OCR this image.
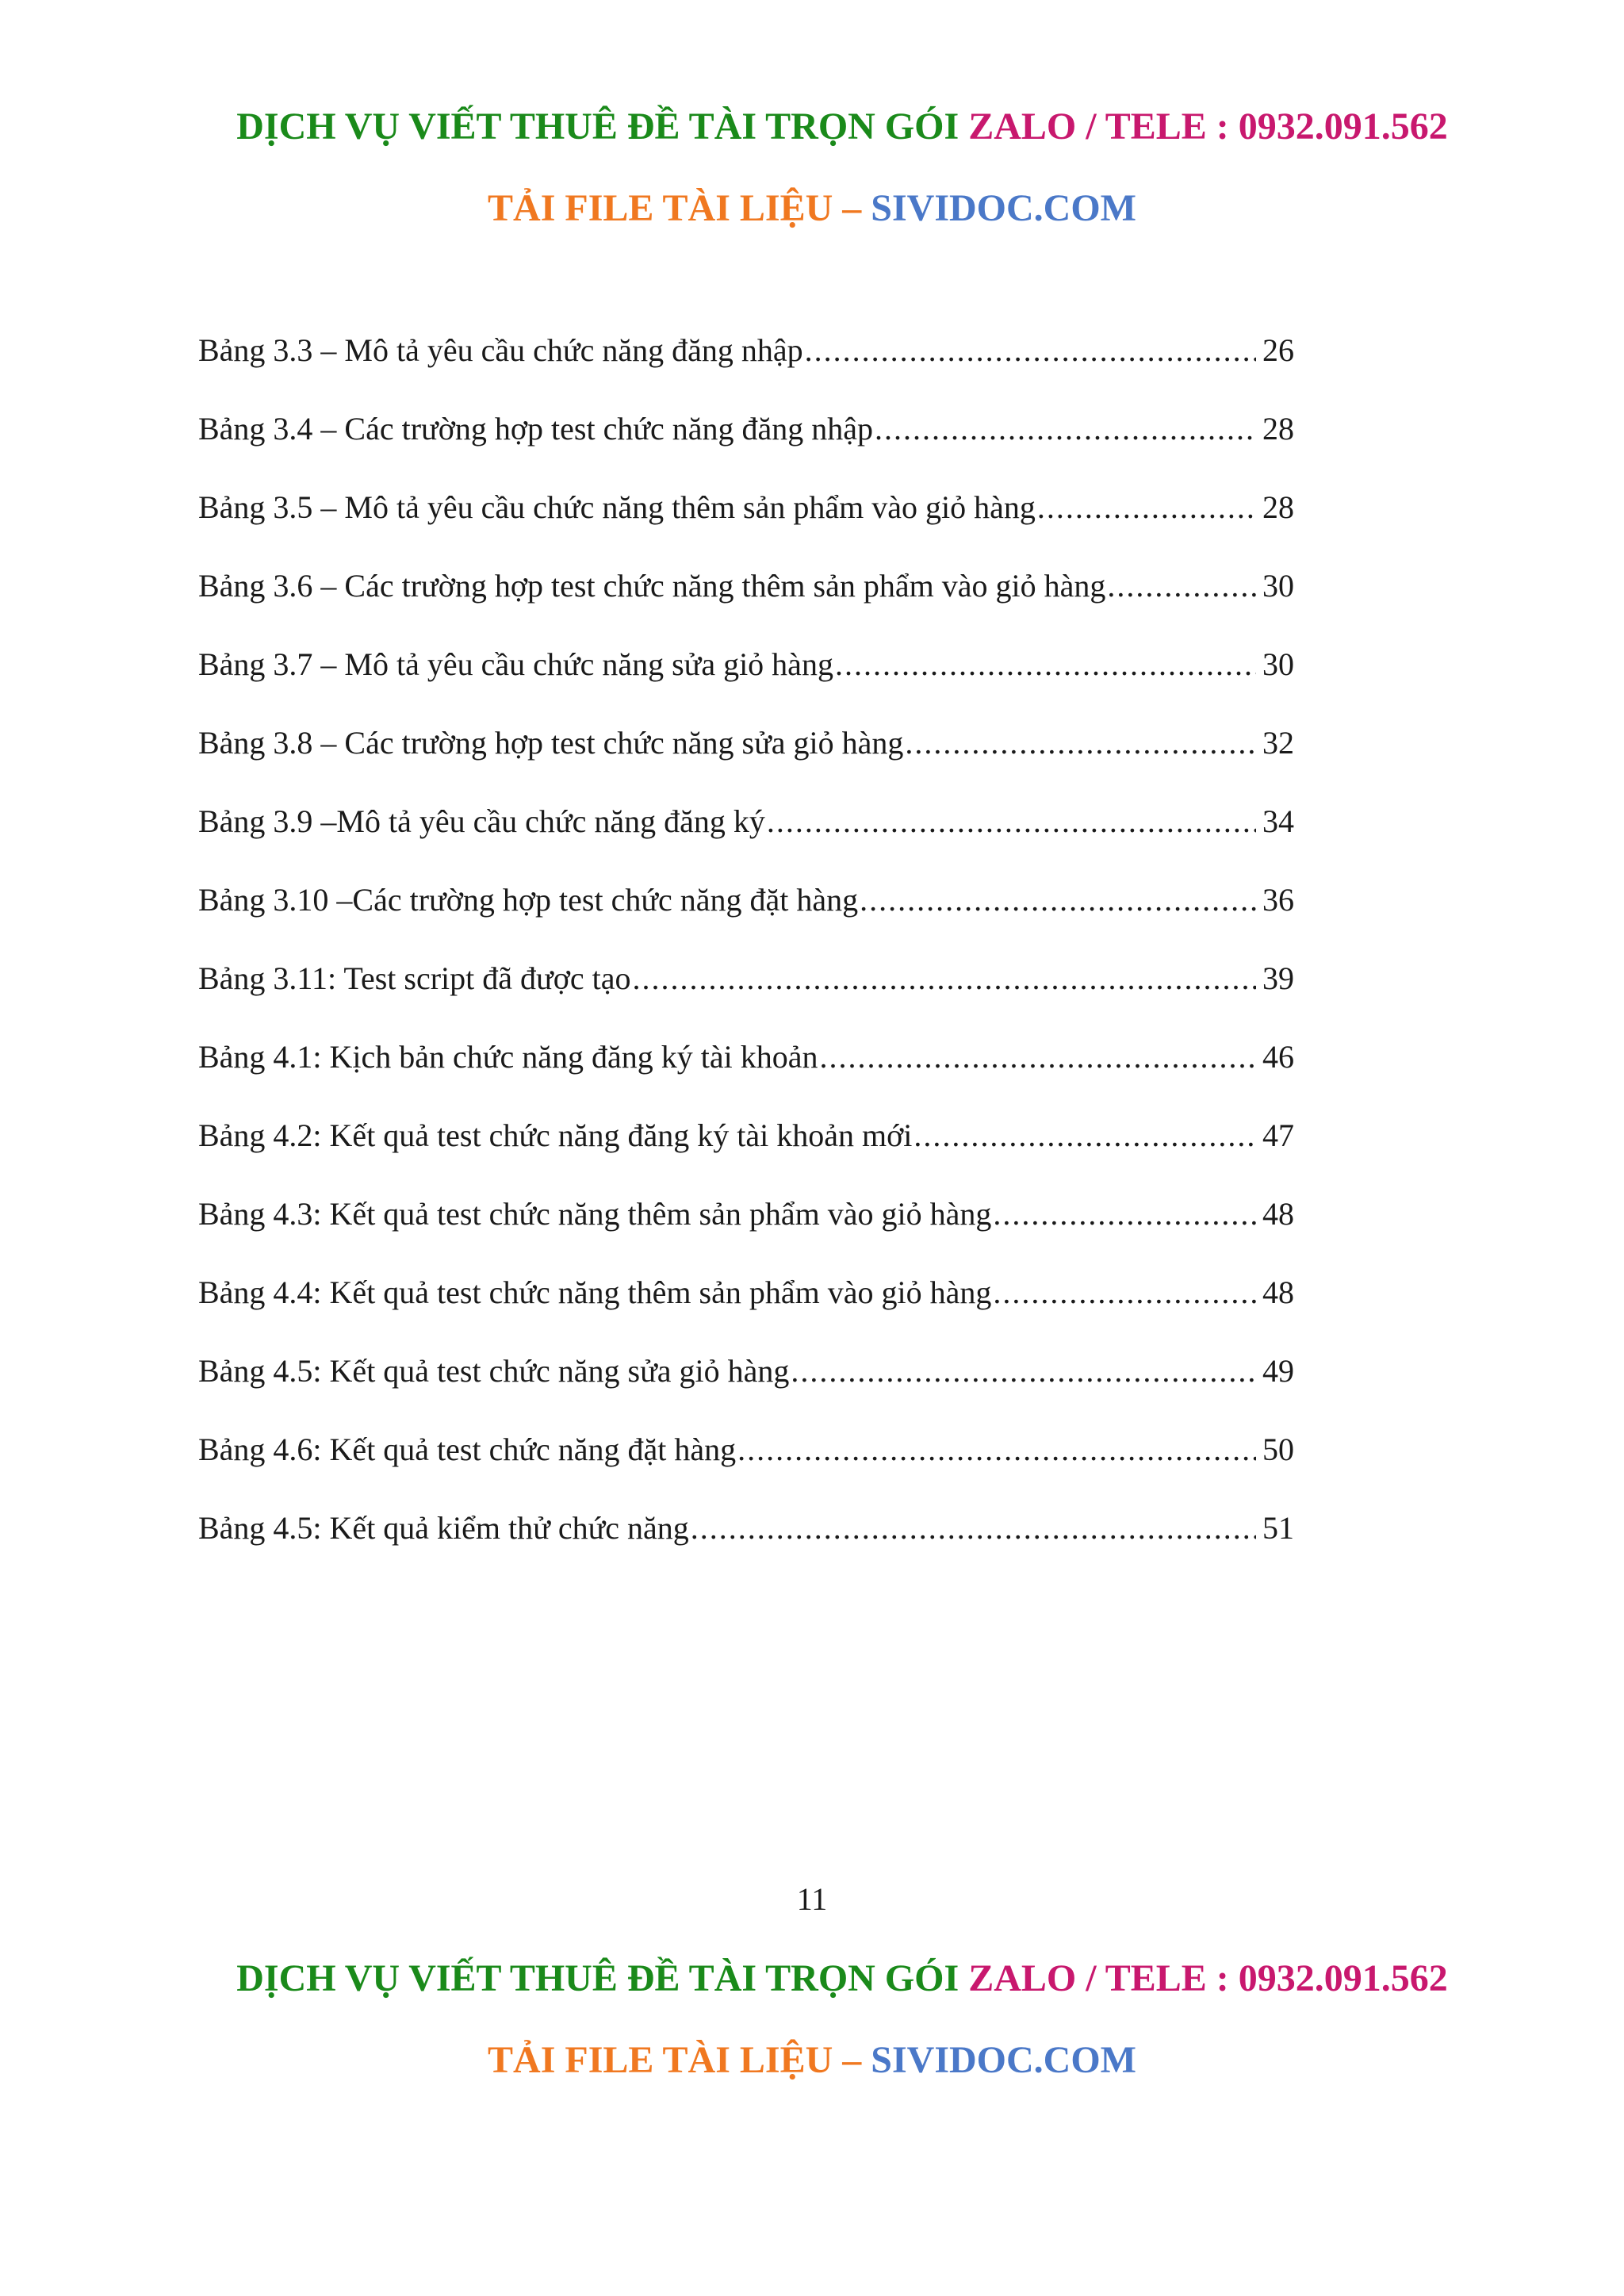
DỊCH VỤ VIẾT THUÊ ĐỀ TÀI TRỌN GÓI ZALO / TELE : 0932.091.562
TẢI FILE TÀI LIỆU – SIVIDOC.COM
Bảng 3.3 – Mô tả yêu cầu chức năng đăng nhập .....	26
Bảng 3.4 – Các trường hợp test chức năng đăng nhập .....	28
Bảng 3.5 – Mô tả yêu cầu chức năng thêm sản phẩm vào giỏ hàng .....	28
Bảng 3.6 – Các trường hợp test chức năng thêm sản phẩm vào giỏ hàng .....	30
Bảng 3.7 – Mô tả yêu cầu chức năng sửa giỏ hàng .....	30
Bảng 3.8 – Các trường hợp test chức năng sửa giỏ hàng .....	32
Bảng 3.9 –Mô tả yêu cầu chức năng đăng ký .....	34
Bảng 3.10 –Các trường hợp test chức năng đặt hàng .....	36
Bảng 3.11: Test script đã được tạo .....	39
Bảng 4.1: Kịch bản chức năng đăng ký tài khoản .....	46
Bảng 4.2: Kết quả test chức năng đăng ký tài khoản mới .....	47
Bảng 4.3: Kết quả test chức năng thêm sản phẩm vào giỏ hàng .....	48
Bảng 4.4: Kết quả test chức năng thêm sản phẩm vào giỏ hàng .....	48
Bảng 4.5: Kết quả test chức năng sửa giỏ hàng .....	49
Bảng 4.6: Kết quả test chức năng đặt hàng .....	50
Bảng 4.5: Kết quả kiểm thử chức năng .....	51
11
DỊCH VỤ VIẾT THUÊ ĐỀ TÀI TRỌN GÓI ZALO / TELE : 0932.091.562
TẢI FILE TÀI LIỆU – SIVIDOC.COM
